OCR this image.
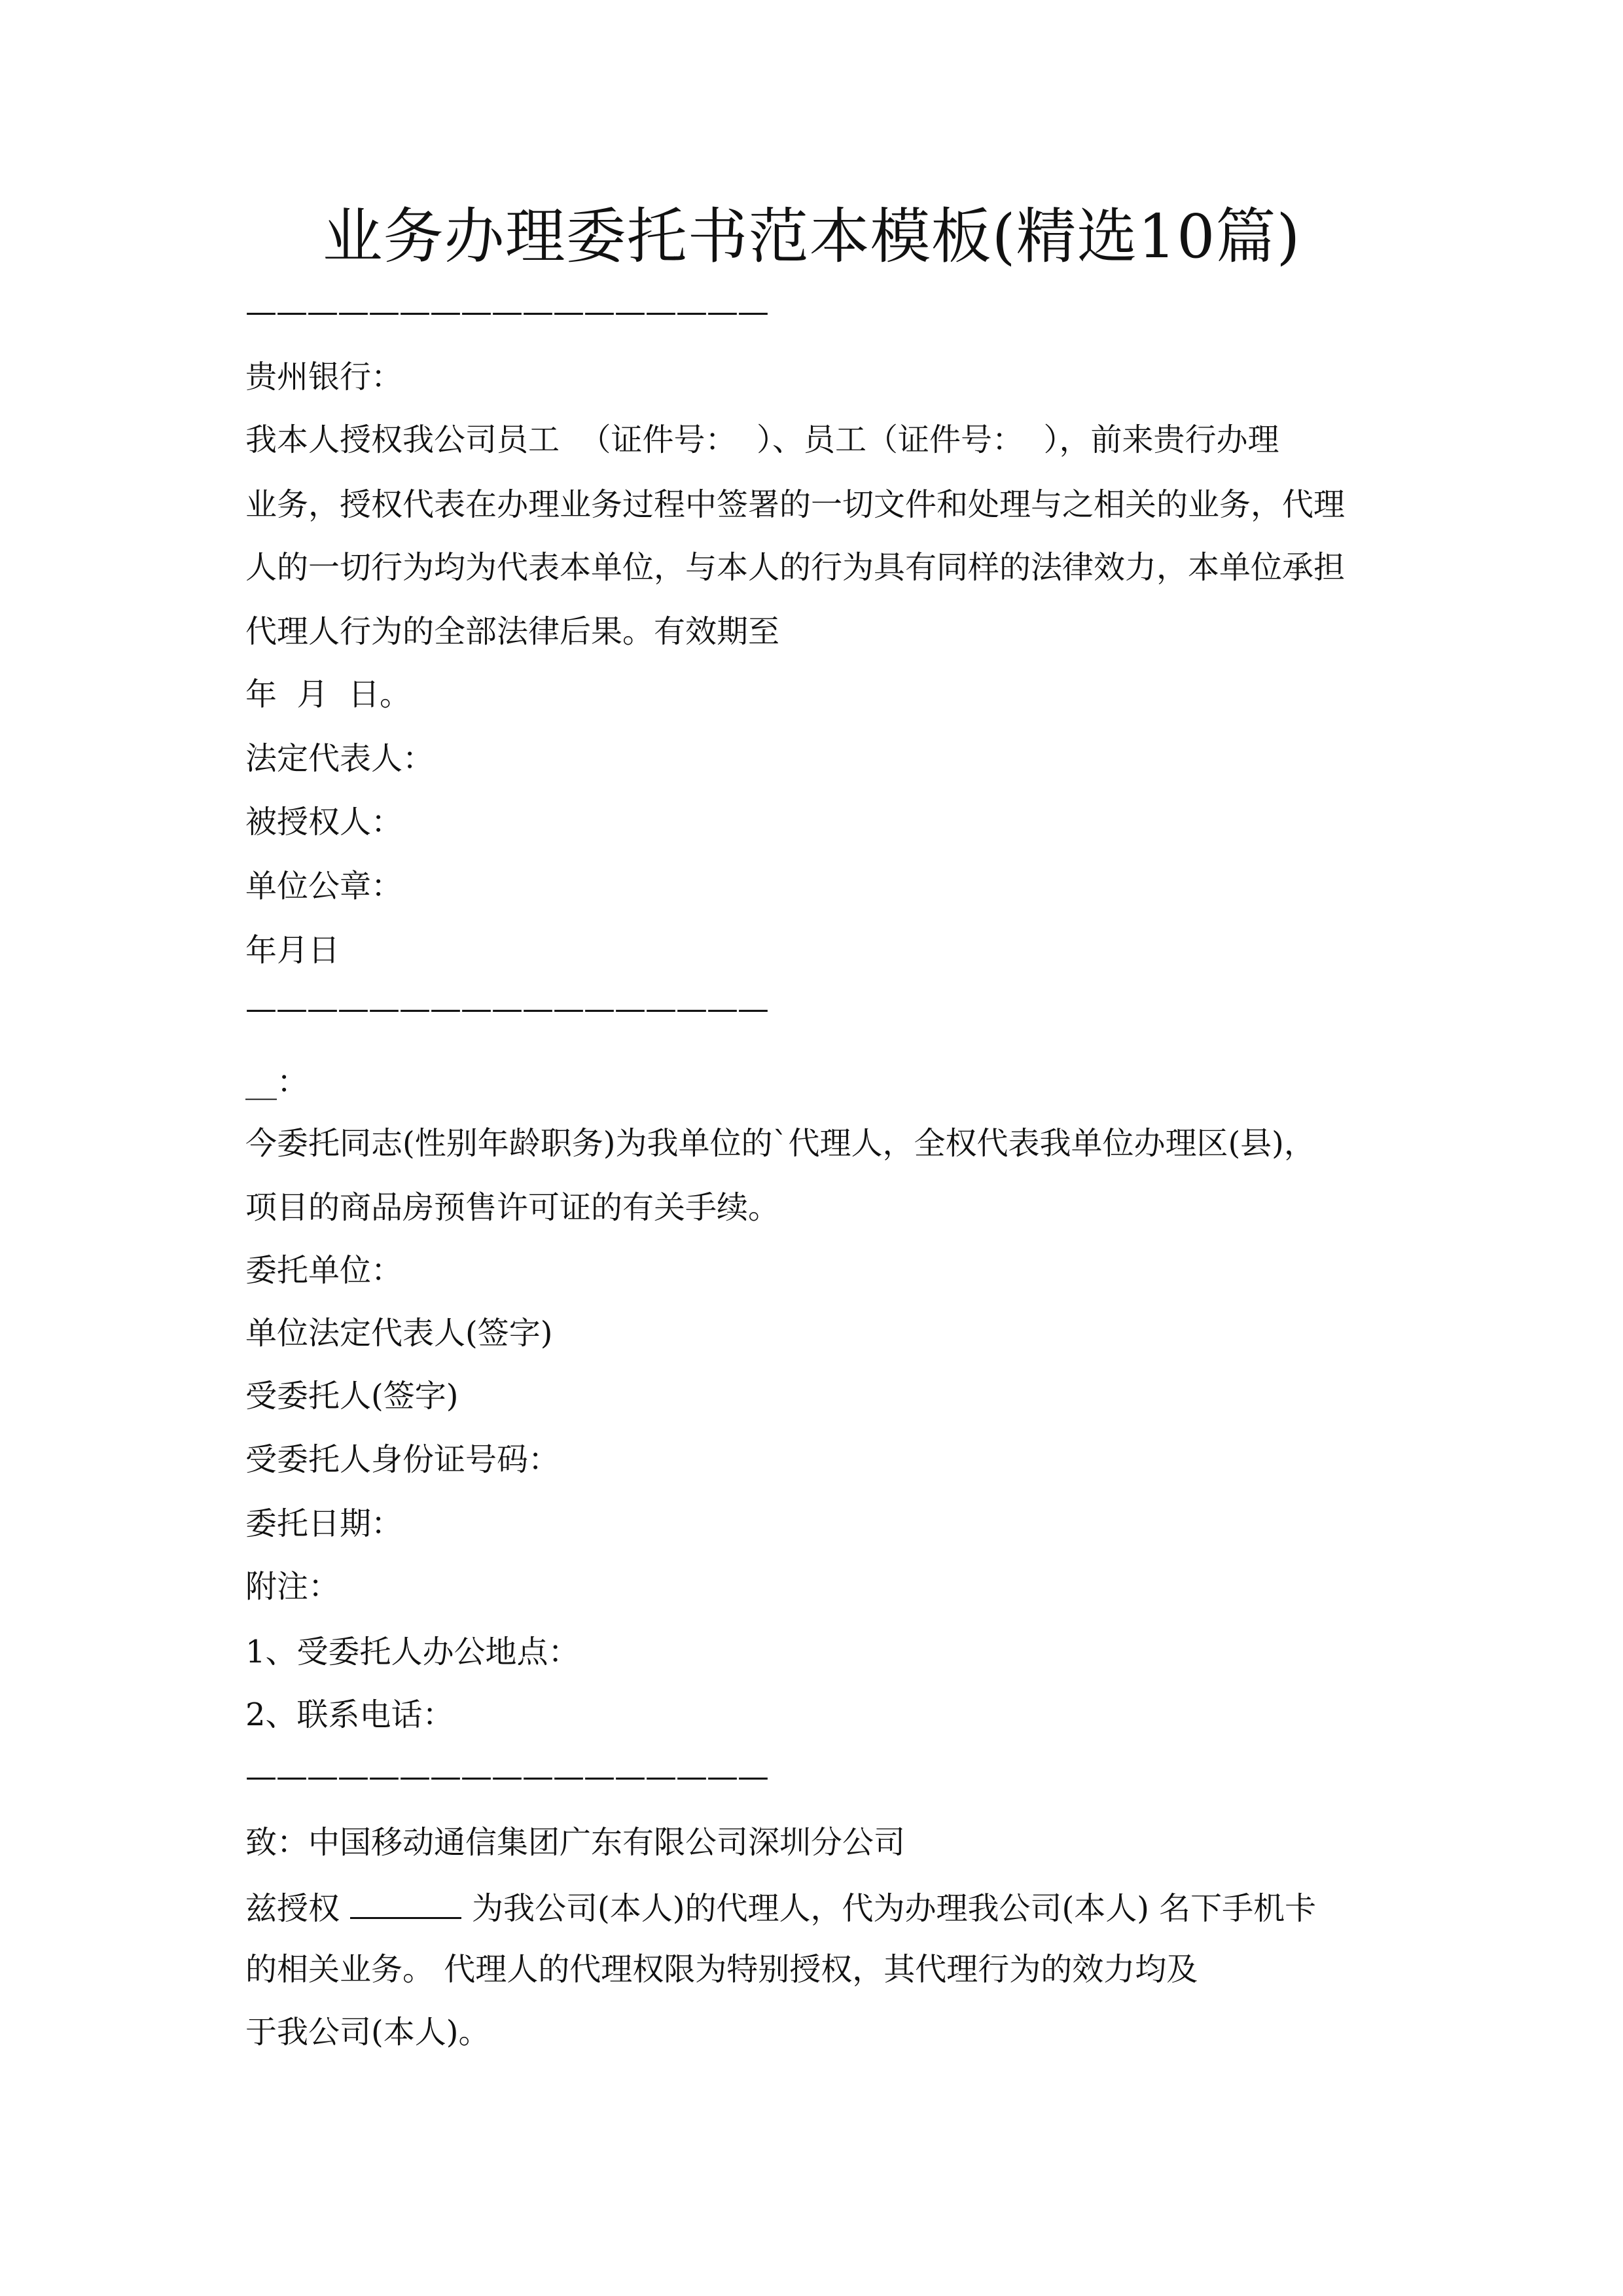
业务办理委托书范本模板(精选10篇)
—————————————————
贵州银行：
我本人授权我公司员工  （证件号：  ）、员工（证件号：  ），前来贵行办理
业务，授权代表在办理业务过程中签署的一切文件和处理与之相关的业务，代理
人的一切行为均为代表本单位，与本人的行为具有同样的法律效力，本单位承担
代理人行为的全部法律后果。有效期至
年  月  日。
法定代表人：
被授权人：
单位公章：
年月日
—————————————————
__：
今委托同志(性别年龄职务)为我单位的`代理人，全权代表我单位办理区(县)，
项目的商品房预售许可证的有关手续。
委托单位：
单位法定代表人(签字)
受委托人(签字)
受委托人身份证号码：
委托日期：
附注：
1、受委托人办公地点：
2、联系电话：
—————————————————
致：中国移动通信集团广东有限公司深圳分公司
兹授权	为我公司(本人)的代理人，代为办理我公司(本人) 名下手机卡
的相关业务。 代理人的代理权限为特别授权，其代理行为的效力均及
于我公司(本人)。
